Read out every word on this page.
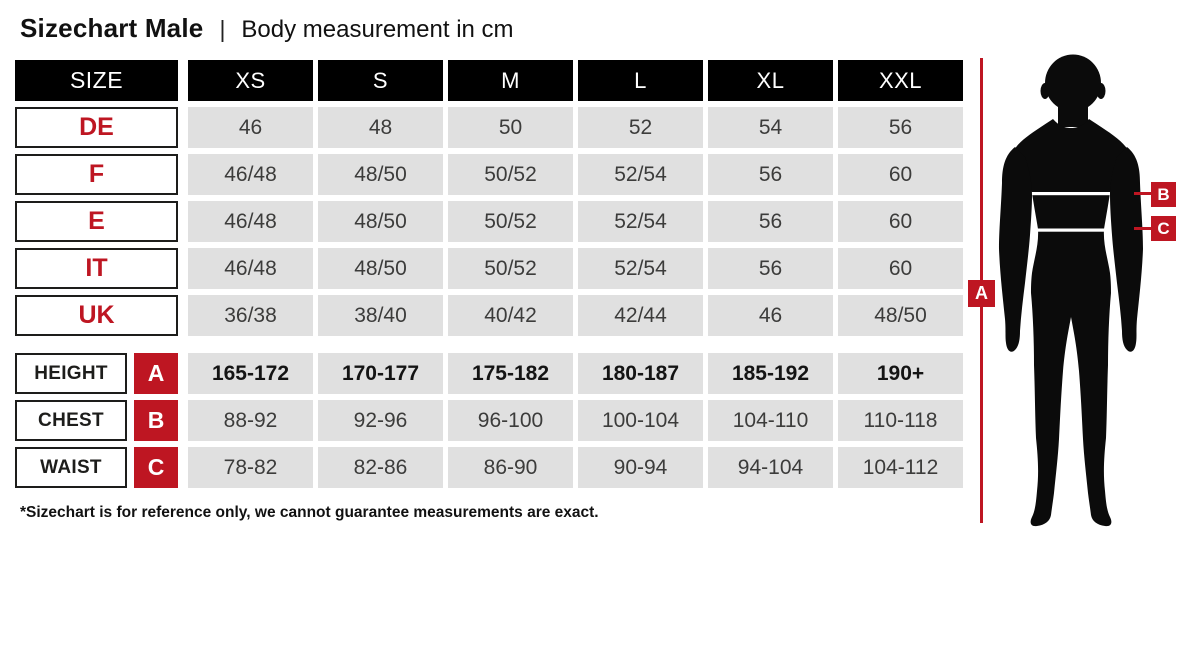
Sizechart Male | Body measurement in cm
SIZE	XS	S	M	L	XL	XXL
DE	46	48	50	52	54	56
F	46/48	48/50	50/52	52/54	56	60
E	46/48	48/50	50/52	52/54	56	60
IT	46/48	48/50	50/52	52/54	56	60
UK	36/38	38/40	40/42	42/44	46	48/50
HEIGHT	A	165-172	170-177	175-182	180-187	185-192	190+
CHEST	B	88-92	92-96	96-100	100-104	104-110	110-118
WAIST	C	78-82	82-86	86-90	90-94	94-104	104-112
*Sizechart is for reference only, we cannot guarantee measurements are exact.
A
B
C
